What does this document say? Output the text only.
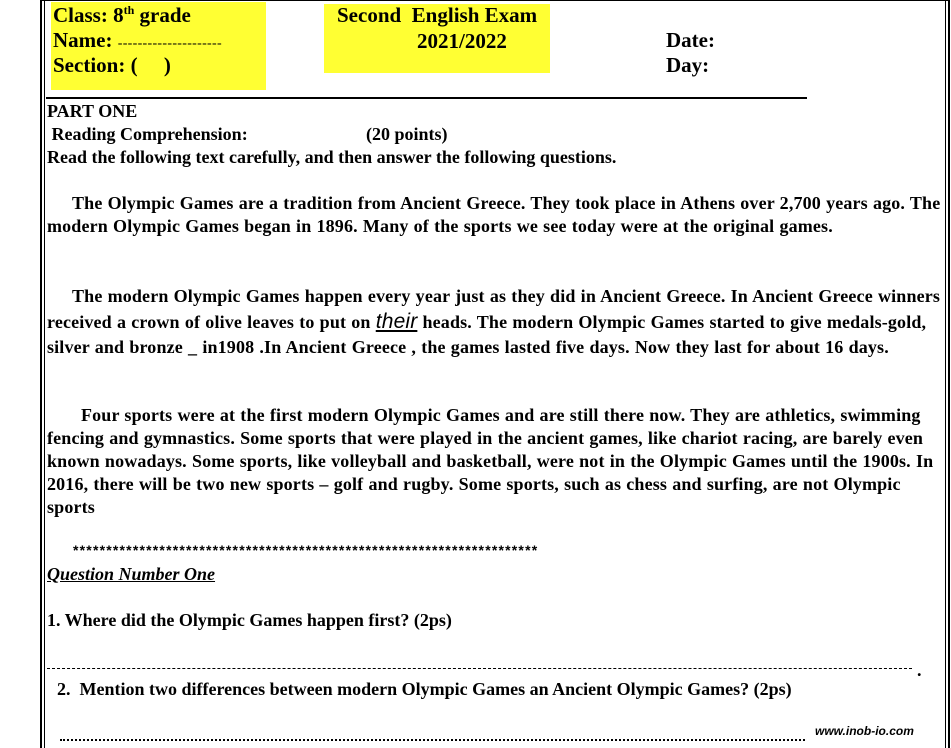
Class: 8th grade
Name: ---------------------
Section: (     )
Second  English Exam
2021/2022	Date:
Day:
PART ONE
Reading Comprehension:	(20 points)
Read the following text carefully, and then answer the following questions.
The Olympic Games are a tradition from Ancient Greece. They took place in Athens over 2,700 years ago. The modern Olympic Games began in 1896. Many of the sports we see today were at the original games.
The modern Olympic Games happen every year just as they did in Ancient Greece. In Ancient Greece winners received a crown of olive leaves to put on their heads. The modern Olympic Games started to give medals-gold, silver and bronze _ in1908 .In Ancient Greece , the games lasted five days. Now they last for about 16 days.
Four sports were at the first modern Olympic Games and are still there now. They are athletics, swimming fencing and gymnastics. Some sports that were played in the ancient games, like chariot racing, are barely even known nowadays. Some sports, like volleyball and basketball, were not in the Olympic Games until the 1900s. In 2016, there will be two new sports – golf and rugby. Some sports, such as chess and surfing, are not Olympic sports
**********************************************************************
Question Number One
1. Where did the Olympic Games happen first? (2ps)
.
2.  Mention two differences between modern Olympic Games an Ancient Olympic Games? (2ps)
www.inob-io.com
